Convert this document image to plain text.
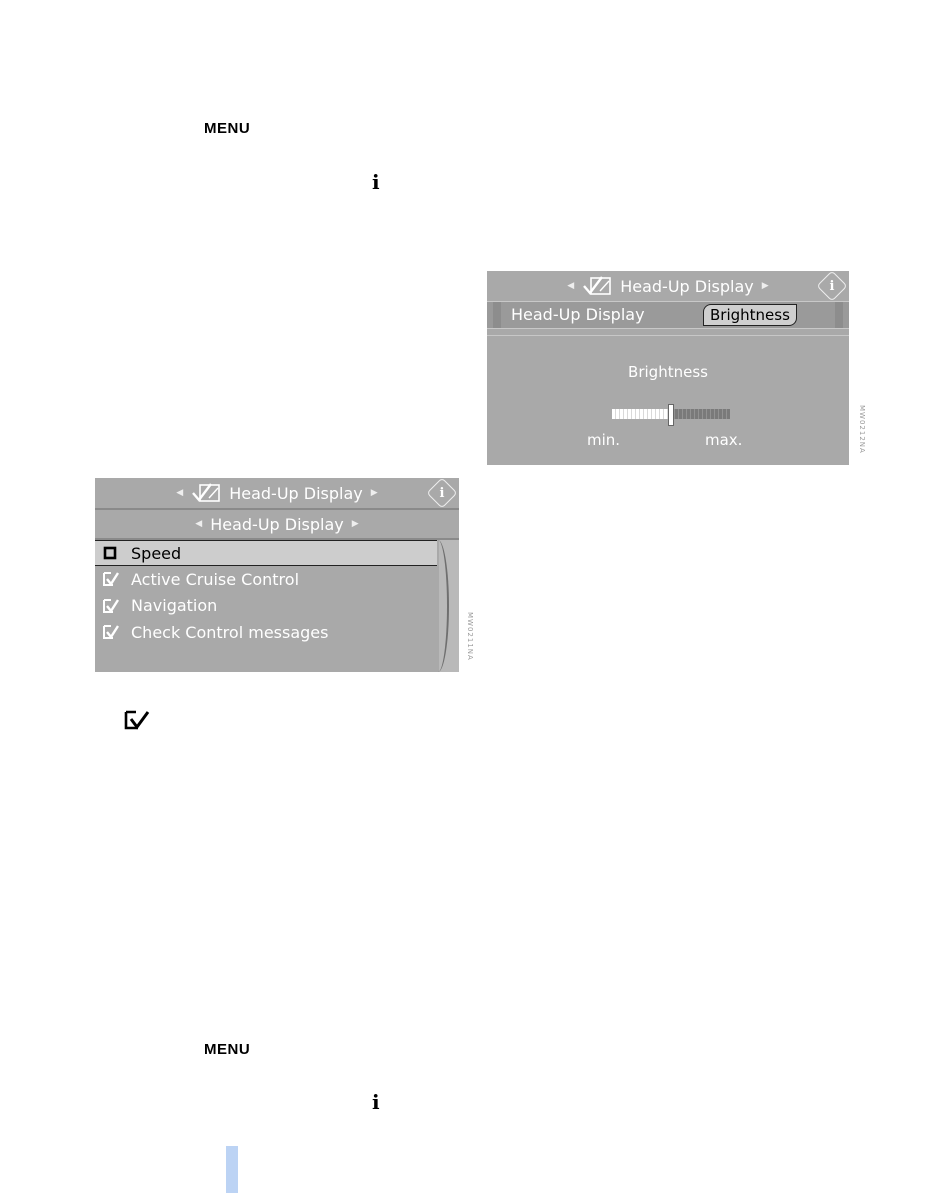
MENU
i
◀	Head-Up Display ▶	i
Head-Up Display	Brightness
Brightness
min.	max.	MW0212NA
◀	Head-Up Display ▶	i
◀ Head-Up Display ▶
Speed
Active Cruise Control
Navigation
Check Control messages	MW0211NA
MENU
i
